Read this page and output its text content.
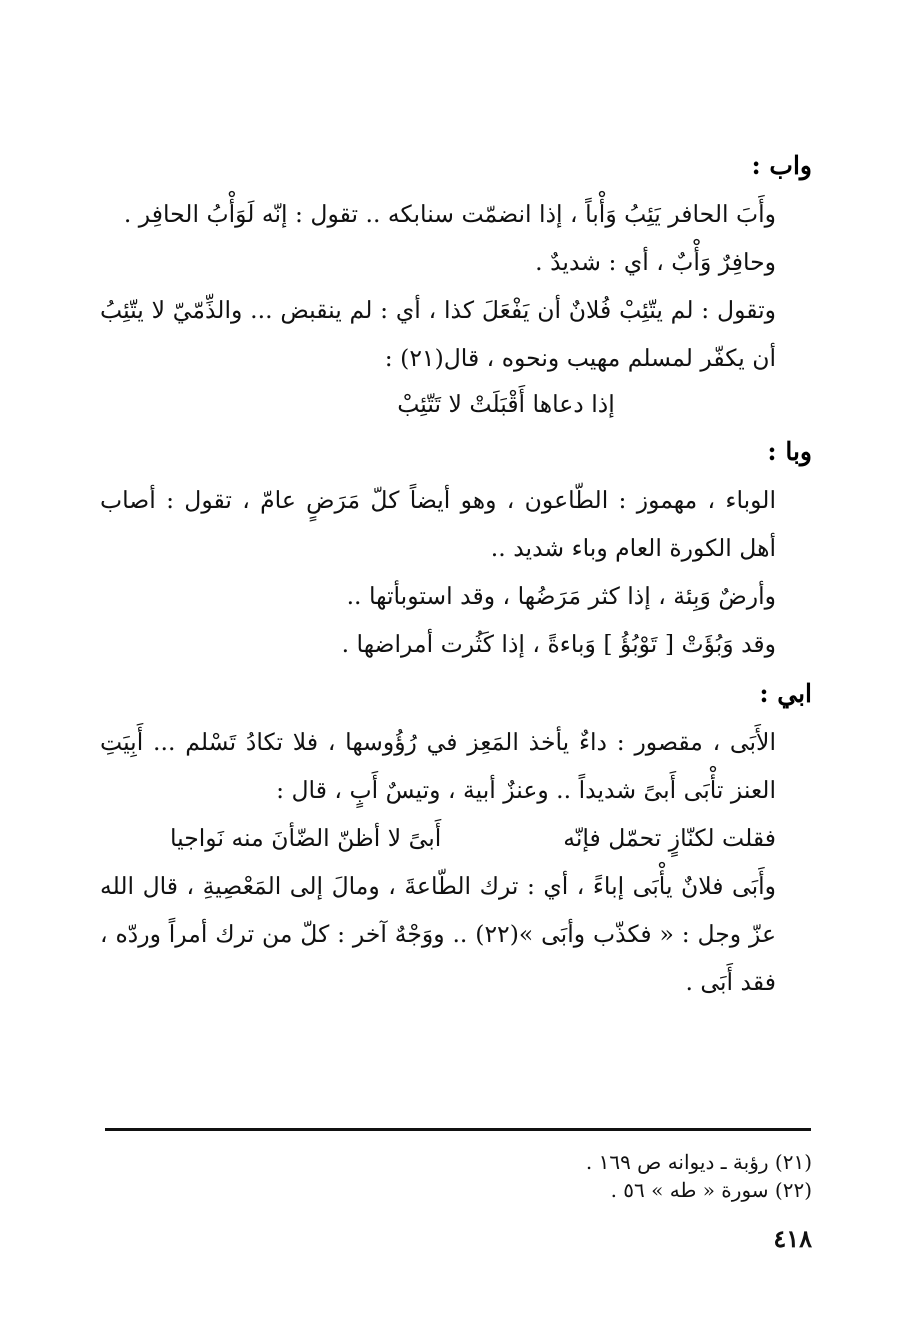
واب :

وأَبَ الحافر يَئِبُ وَأْباً ، إذا انضمّت سنابكه .. تقول : إنّه لَوَأْبُ الحافِر .

وحافِرٌ وَأْبٌ ، أي : شديدٌ .

وتقول : لم يتّئِبْ فُلانٌ أن يَفْعَلَ كذا ، أي : لم ينقبض ... والذِّمّيّ لا يتّئِبُ أن يكفّر لمسلم مهيب ونحوه ، قال(٢١) :

إذا دعاها أَقْبَلَتْ لا تَتّئِبْ

وبا :

الوباء ، مهموز : الطّاعون ، وهو أيضاً كلّ مَرَضٍ عامّ ، تقول : أصاب أهل الكورة العام وباء شديد ..

وأرضٌ وَبِئة ، إذا كثر مَرَضُها ، وقد استوبأتها ..

وقد وَبُؤَتْ [ تَوْبُؤُ ] وَباءةً ، إذا كَثُرت أمراضها .

ابي :

الأَبَى ، مقصور : داءٌ يأخذ المَعِز في رُؤُوسها ، فلا تكادُ تَسْلم ... أَبِيَتِ العنز تأْبَى أَبىً شديداً .. وعنزٌ أبية ، وتيسٌ أَبٍ ، قال :

فقلت لكنّازٍ تحمّل فإنّه
أَبىً لا أظنّ الضّأنَ منه نَواجيا

وأَبَى فلانٌ يأْبَى إباءً ، أي : ترك الطّاعةَ ، ومالَ إلى المَعْصِيةِ ، قال الله عزّ وجل : « فكذّب وأبَى »(٢٢) .. ووَجْهٌ آخر : كلّ من ترك أمراً وردّه ، فقد أَبَى .

(٢١) رؤبة ـ ديوانه ص ١٦٩ .
(٢٢) سورة « طه » ٥٦ .
٤١٨
